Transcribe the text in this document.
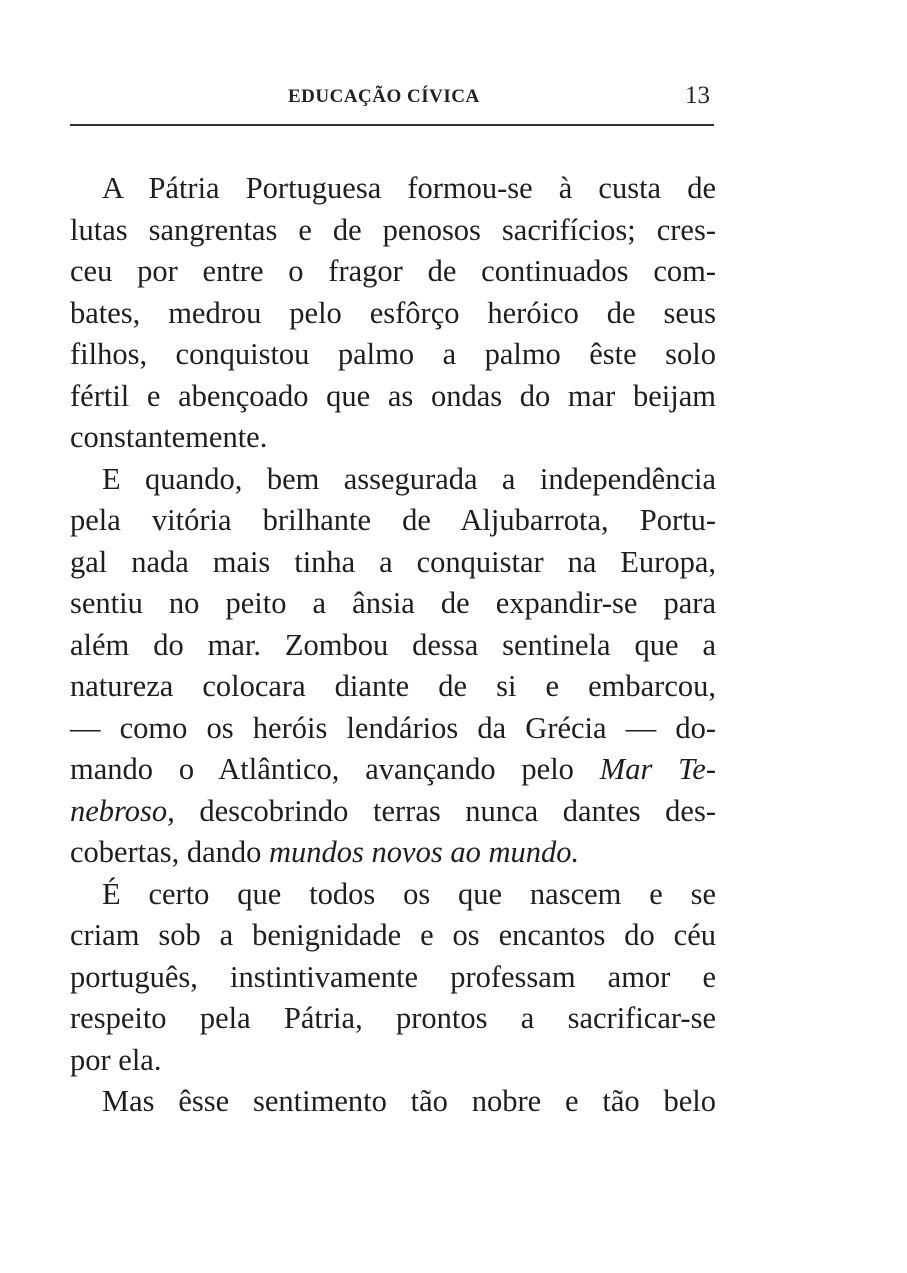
EDUCAÇÃO CÍVICA	13
A Pátria Portuguesa formou-se à custa de
lutas sangrentas e de penosos sacrifícios; cres-
ceu por entre o fragor de continuados com-
bates, medrou pelo esfôrço heróico de seus
filhos, conquistou palmo a palmo êste solo
fértil e abençoado que as ondas do mar beijam
constantemente.
E quando, bem assegurada a independência
pela vitória brilhante de Aljubarrota, Portu-
gal nada mais tinha a conquistar na Europa,
sentiu no peito a ânsia de expandir-se para
além do mar. Zombou dessa sentinela que a
natureza colocara diante de si e embarcou,
— como os heróis lendários da Grécia — do-
mando o Atlântico, avançando pelo Mar Te-
nebroso, descobrindo terras nunca dantes des-
cobertas, dando mundos novos ao mundo.
É certo que todos os que nascem e se
criam sob a benignidade e os encantos do céu
português, instintivamente professam amor e
respeito pela Pátria, prontos a sacrificar-se
por ela.
Mas êsse sentimento tão nobre e tão belo
